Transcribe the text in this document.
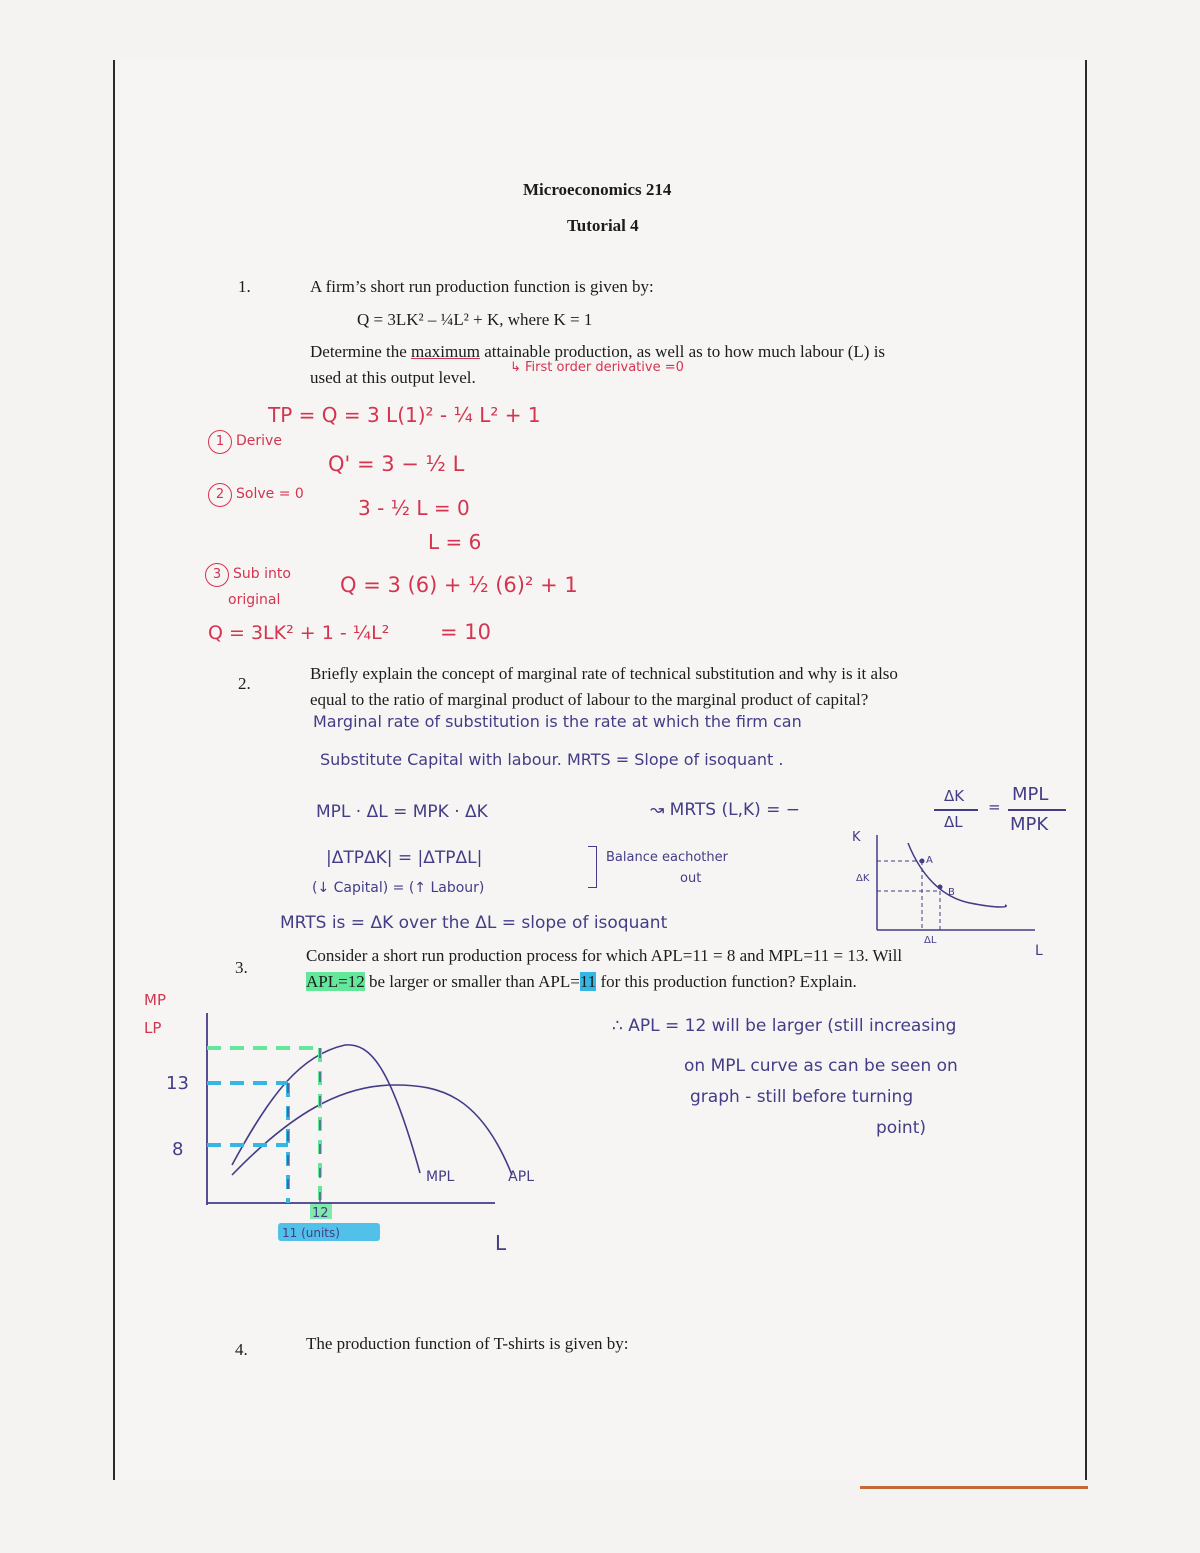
Microeconomics 214
Tutorial 4
1.	A firm’s short run production function is given by:
Q = 3LK² – ¼L² + K, where K = 1
Determine the maximum attainable production, as well as to how much labour (L) is
used at this output level.
↳ First order derivative =0
TP = Q = 3 L(1)² - ¼ L² + 1
1 Derive
Q' = 3 − ½ L
2 Solve = 0
3 - ½ L = 0
L = 6
3 Sub into
original
Q = 3 (6) + ½ (6)² + 1
Q = 3LK² + 1 - ¼L² = 10
2.
Briefly explain the concept of marginal rate of technical substitution and why is it also
equal to the ratio of marginal product of labour to the marginal product of capital?
Marginal rate of substitution is the rate at which the firm can
Substitute Capital with labour. MRTS = Slope of isoquant .
MPL · ΔL = MPK · ΔK	↝ MRTS (L,K) = −
ΔK
ΔL
=
MPL
MPK
|ΔTPΔK| = |ΔTPΔL|
(↓ Capital) = (↑ Labour)
Balance eachother
out
MRTS is = ΔK over the ΔL = slope of isoquant
K
ΔK
A
B
ΔL
L
3.
Consider a short run production process for which APL=11 = 8 and MPL=11 = 13. Will
APL=12 be larger or smaller than APL=11 for this production function? Explain.
∴ APL = 12 will be larger (still increasing
on MPL curve as can be seen on
graph - still before turning
point)
MP
LP
13
8
MPL	APL
12
11 (units)	L
4.	The production function of T-shirts is given by:
